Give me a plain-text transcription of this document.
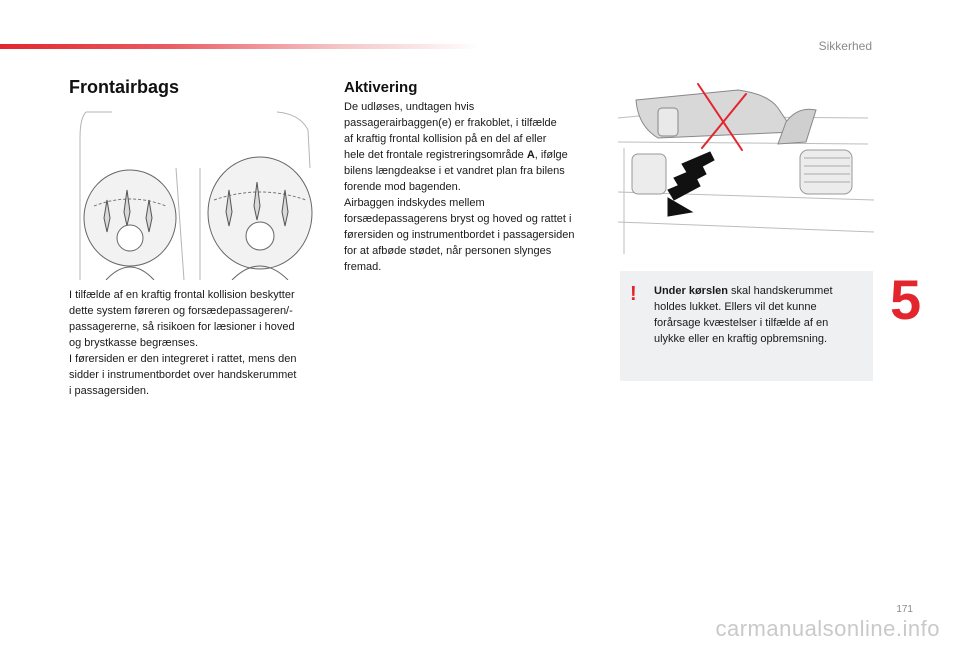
Sikkerhed
Frontairbags	Aktivering

I tilfælde af en kraftig frontal kollision beskytter
dette system føreren og forsædepassageren/-
passagererne, så risikoen for læsioner i hoved
og brystkasse begrænses.
I førersiden er den integreret i rattet, mens den
sidder i instrumentbordet over handskerummet
i passagersiden.

De udløses, undtagen hvis
passagerairbaggen(e) er frakoblet, i tilfælde
af kraftig frontal kollision på en del af eller
hele det frontale registreringsområde A, ifølge
bilens længdeakse i et vandret plan fra bilens
forende mod bagenden.
Airbaggen indskydes mellem
forsædepassagerens bryst og hoved og rattet i
førersiden og instrumentbordet i passagersiden
for at afbøde stødet, når personen slynges
fremad.

! Under kørslen skal handskerummet
holdes lukket. Ellers vil det kunne
forårsage kvæstelser i tilfælde af en
ulykke eller en kraftig opbremsning.

5
171
carmanualsonline.info
